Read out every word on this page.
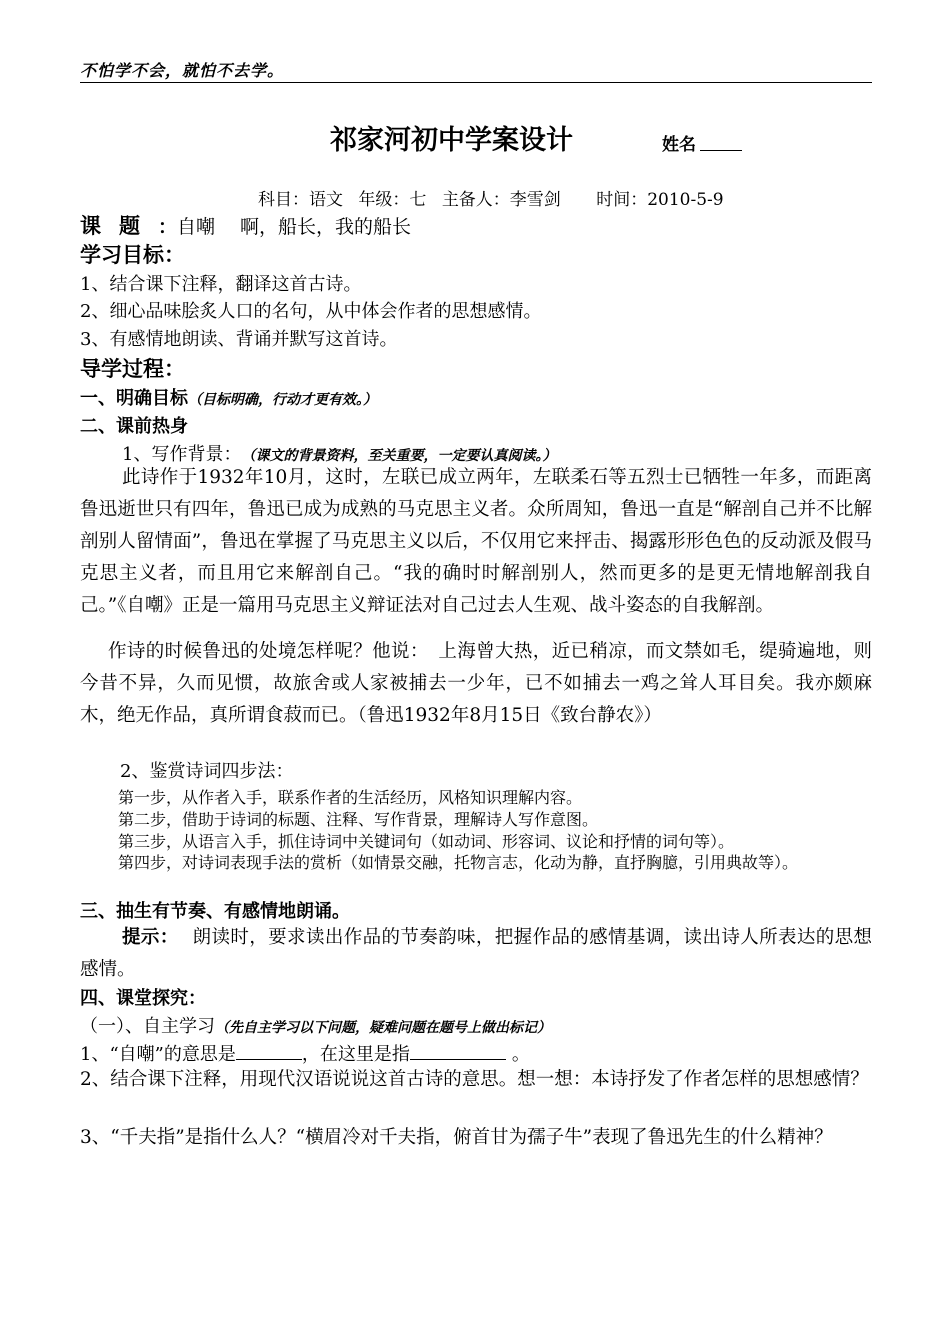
不怕学不会，就怕不去学。
祁家河初中学案设计	姓名
科目：语文 年级：七 主备人：李雪剑 时间：2010-5-9
课题：自嘲　 啊，船长，我的船长
学习目标：
1、结合课下注释，翻译这首古诗。
2、细心品味脍炙人口的名句，从中体会作者的思想感情。
3、有感情地朗读、背诵并默写这首诗。
导学过程：
一、明确目标（目标明确，行动才更有效。）
二、课前热身
1、写作背景：（课文的背景资料，至关重要，一定要认真阅读。）
此诗作于1932年10月，这时，左联已成立两年，左联柔石等五烈士已牺牲一年多，而距离鲁迅逝世只有四年，鲁迅已成为成熟的马克思主义者。众所周知，鲁迅一直是“解剖自己并不比解剖别人留情面”，鲁迅在掌握了马克思主义以后，不仅用它来抨击、揭露形形色色的反动派及假马克思主义者，而且用它来解剖自己。“我的确时时解剖别人，然而更多的是更无情地解剖我自己。”《自嘲》正是一篇用马克思主义辩证法对自己过去人生观、战斗姿态的自我解剖。
作诗的时候鲁迅的处境怎样呢？他说：　上海曾大热，近已稍凉，而文禁如毛，缇骑遍地，则今昔不异，久而见惯，故旅舍或人家被捕去一少年，已不如捕去一鸡之耸人耳目矣。我亦颇麻木，绝无作品，真所谓食菽而已。（鲁迅1932年8月15日《致台静农》）
2、鉴赏诗词四步法：
第一步，从作者入手，联系作者的生活经历，风格知识理解内容。
第二步，借助于诗词的标题、注释、写作背景，理解诗人写作意图。
第三步，从语言入手，抓住诗词中关键词句（如动词、形容词、议论和抒情的词句等）。
第四步，对诗词表现手法的赏析（如情景交融，托物言志，化动为静，直抒胸臆，引用典故等）。
三、抽生有节奏、有感情地朗诵。
提示： 朗读时，要求读出作品的节奏韵味，把握作品的感情基调，读出诗人所表达的思想感情。
四、课堂探究：
（一）、自主学习（先自主学习以下问题，疑难问题在题号上做出标记）
1、“自嘲”的意思是	，在这里是指	。
2、结合课下注释，用现代汉语说说这首古诗的意思。想一想：本诗抒发了作者怎样的思想感情？
3、“千夫指”是指什么人？“横眉冷对千夫指，俯首甘为孺子牛”表现了鲁迅先生的什么精神？
